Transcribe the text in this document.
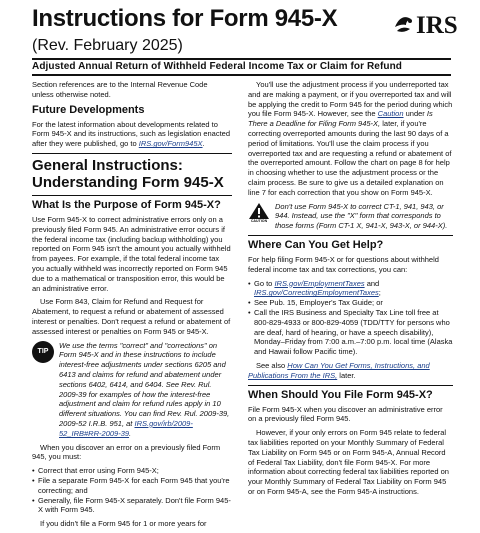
Instructions for Form 945-X
(Rev. February 2025)
Adjusted Annual Return of Withheld Federal Income Tax or Claim for Refund
IRS

Section references are to the Internal Revenue Code

unless otherwise noted.

Future Developments

For the latest information about developments related to Form 945-X and its instructions, such as legislation enacted after they were published, go to IRS.gov/Form945X.

General Instructions:
Understanding Form 945-X
What Is the Purpose of Form 945-X?

Use Form 945-X to correct administrative errors only on a previously filed Form 945. An administrative error occurs if the federal income tax (including backup withholding) you reported on Form 945 isn't the amount you actually withheld from payees. For example, if the total federal income tax you actually withheld was incorrectly reported on Form 945 due to a mathematical or transposition error, this would be an administrative error.

Use Form 843, Claim for Refund and Request for Abatement, to request a refund or abatement of assessed interest or penalties. Don't request a refund or abatement of assessed interest or penalties on Form 945 or 945-X.

TIP
We use the terms "correct" and "corrections" on Form 945-X and in these instructions to include interest-free adjustments under sections 6205 and 6413 and claims for refund and abatement under sections 6402, 6414, and 6404. See Rev. Rul. 2009-39 for examples of how the interest-free adjustment and claim for refund rules apply in 10 different situations. You can find Rev. Rul. 2009-39, 2009-52 I.R.B. 951, at IRS.gov/irb/2009-52_IRB#RR-2009-39.

When you discover an error on a previously filed Form 945, you must:

• Correct that error using Form 945-X;
• File a separate Form 945-X for each Form 945 that you're correcting; and
• Generally, file Form 945-X separately. Don't file Form 945-X with Form 945.

If you didn't file a Form 945 for 1 or more years for

You'll use the adjustment process if you underreported tax and are making a payment, or if you overreported tax and will be applying the credit to Form 945 for the period during which you file Form 945-X. However, see the Caution under Is There a Deadline for Filing Form 945-X, later, if you're correcting overreported amounts during the last 90 days of a period of limitations. You'll use the claim process if you overreported tax and are requesting a refund or abatement of the overreported amount. Follow the chart on page 8 for help in choosing whether to use the adjustment process or the claim process. Be sure to give us a detailed explanation on line 7 for each correction that you show on Form 945-X.

CAUTION
Don't use Form 945-X to correct CT-1, 941, 943, or 944. Instead, use the "X" form that corresponds to those forms (Form CT-1 X, 941-X, 943-X, or 944-X).
Where Can You Get Help?

For help filing Form 945-X or for questions about withheld federal income tax and tax corrections, you can:

• Go to IRS.gov/EmploymentTaxes and IRS.gov/CorrectingEmploymentTaxes;
• See Pub. 15, Employer's Tax Guide; or
• Call the IRS Business and Specialty Tax Line toll free at 800-829-4933 or 800-829-4059 (TDD/TTY for persons who are deaf, hard of hearing, or have a speech disability), Monday–Friday from 7:00 a.m.–7:00 p.m. local time (Alaska and Hawaii follow Pacific time).

See also How Can You Get Forms, Instructions, and Publications From the IRS, later.

When Should You File Form 945-X?

File Form 945-X when you discover an administrative error on a previously filed Form 945.

However, if your only errors on Form 945 relate to federal tax liabilities reported on your Monthly Summary of Federal Tax Liability on Form 945 or on Form 945-A, Annual Record of Federal Tax Liability, don't file Form 945-X. For more information about correcting federal tax liabilities reported on your Monthly Summary of Federal Tax Liability on Form 945 or on Form 945-A, see the Form 945-A instructions.
